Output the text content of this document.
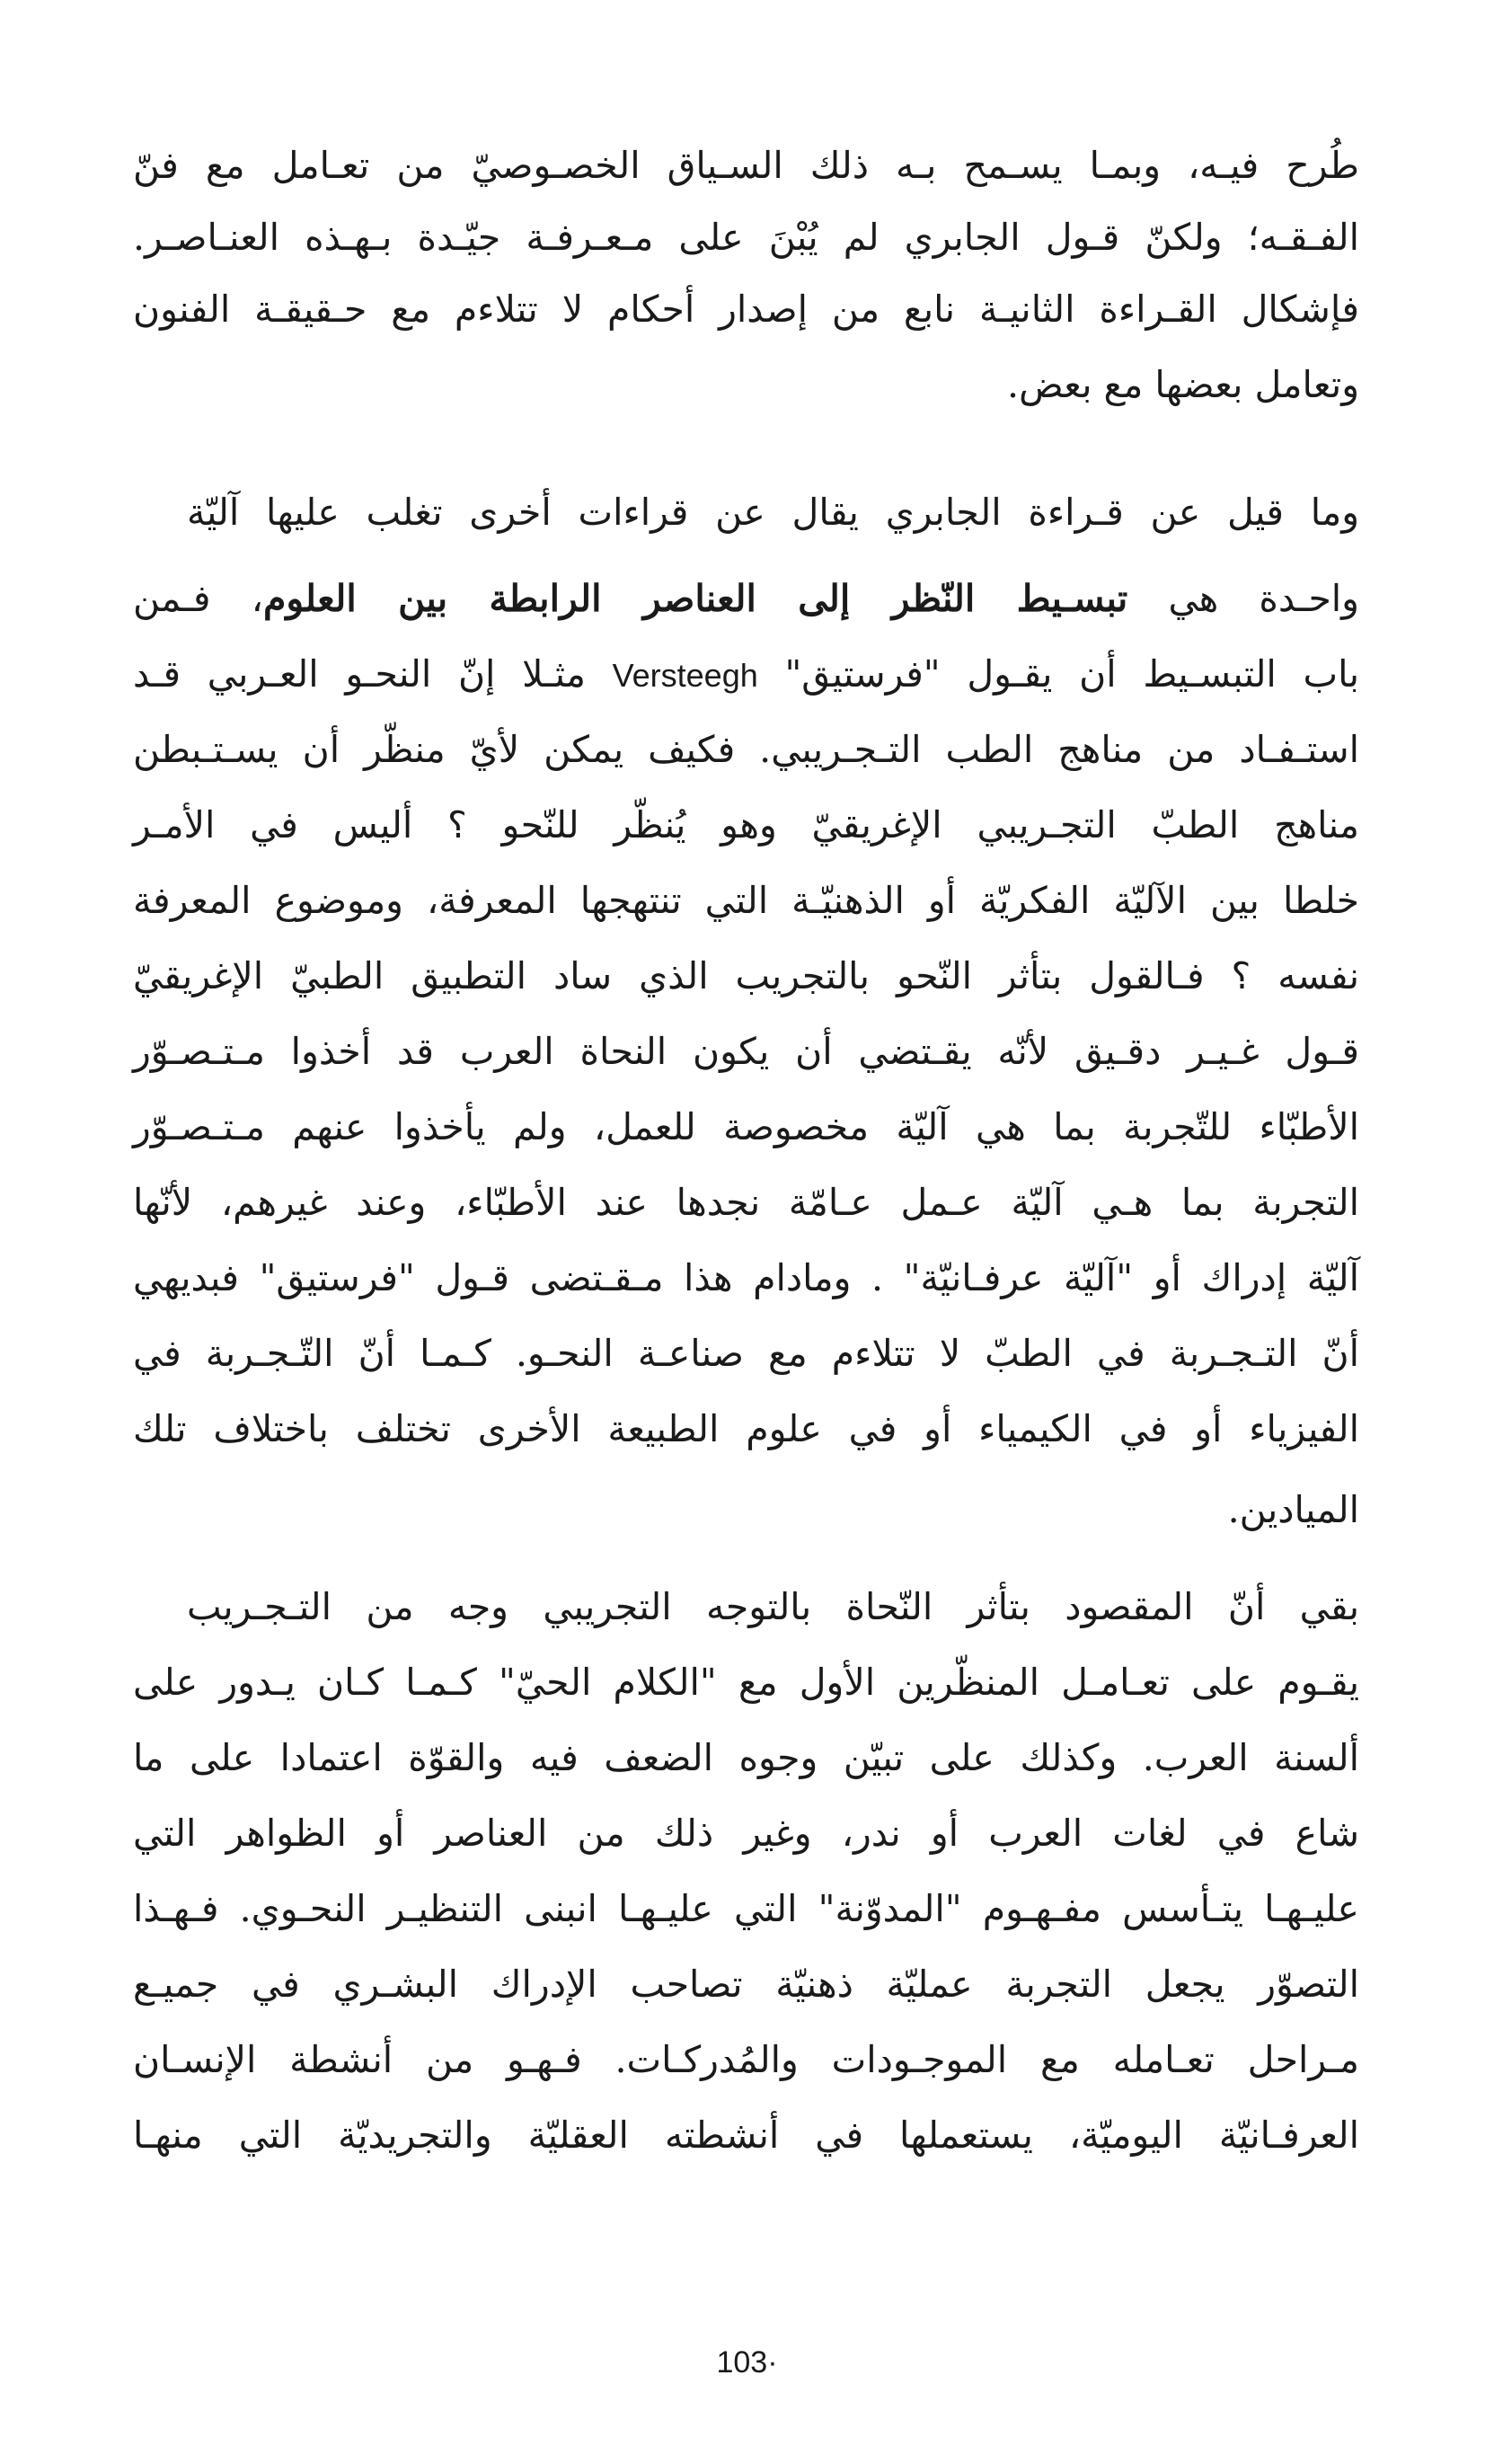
طُرح فيـه، وبمـا يسـمح بـه ذلك السـياق الخصـوصيّ من تعـامل مع فنّ
الفـقـه؛ ولكنّ قـول الجابري لم يُبْنَ على مـعـرفـة جيّـدة بـهـذه العنـاصـر.
فإشكال القـراءة الثانيـة نابع من إصدار أحكام لا تتلاءم مع حـقيقـة الفنون
وتعامل بعضها مع بعض.
وما قيل عن قـراءة الجابري يقال عن قراءات أخرى تغلب عليها آليّة
واحـدة هي تبسـيط النّظر إلى العناصر الرابطة بين العلوم، فـمن
باب التبسـيط أن يقـول "فرستيق" Versteegh مثـلا إنّ النحـو العـربي قـد
استـفـاد من مناهج الطب التـجـريبي. فكيف يمكن لأيّ منظّر أن يسـتـبطن
مناهج الطبّ التجـريبي الإغريقيّ وهو يُنظّر للنّحو ؟ أليس في الأمـر
خلطا بين الآليّة الفكريّة أو الذهنيّـة التي تنتهجها المعرفة، وموضوع المعرفة
نفسه ؟ فـالقول بتأثر النّحو بالتجريب الذي ساد التطبيق الطبيّ الإغريقيّ
قـول غـيـر دقـيق لأنّه يقـتضي أن يكون النحاة العرب قد أخذوا مـتـصـوّر
الأطبّاء للتّجربة بما هي آليّة مخصوصة للعمل، ولم يأخذوا عنهم مـتـصـوّر
التجربة بما هـي آليّة عـمل عـامّة نجدها عند الأطبّاء، وعند غيرهم، لأنّها
آليّة إدراك أو "آليّة عرفـانيّة" . ومادام هذا مـقـتضى قـول "فرستيق" فبديهي
أنّ التـجـربة في الطبّ لا تتلاءم مع صناعـة النحـو. كـمـا أنّ التّـجـربة في
الفيزياء أو في الكيمياء أو في علوم الطبيعة الأخرى تختلف باختلاف تلك
الميادين.
بقي أنّ المقصود بتأثر النّحاة بالتوجه التجريبي وجه من التـجـريب
يقـوم على تعـامـل المنظّرين الأول مع "الكلام الحيّ" كـمـا كـان يـدور على
ألسنة العرب. وكذلك على تبيّن وجوه الضعف فيه والقوّة اعتمادا على ما
شاع في لغات العرب أو ندر، وغير ذلك من العناصر أو الظواهر التي
عليـهـا يتـأسس مفـهـوم "المدوّنة" التي عليـهـا انبنى التنظيـر النحـوي. فـهـذا
التصوّر يجعل التجربة عمليّة ذهنيّة تصاحب الإدراك البشـري في جميـع
مـراحل تعـامله مع الموجـودات والمُدركـات. فـهـو من أنشطة الإنسـان
العرفـانيّة اليوميّة، يستعملها في أنشطته العقليّة والتجريديّة التي منهـا
103·
